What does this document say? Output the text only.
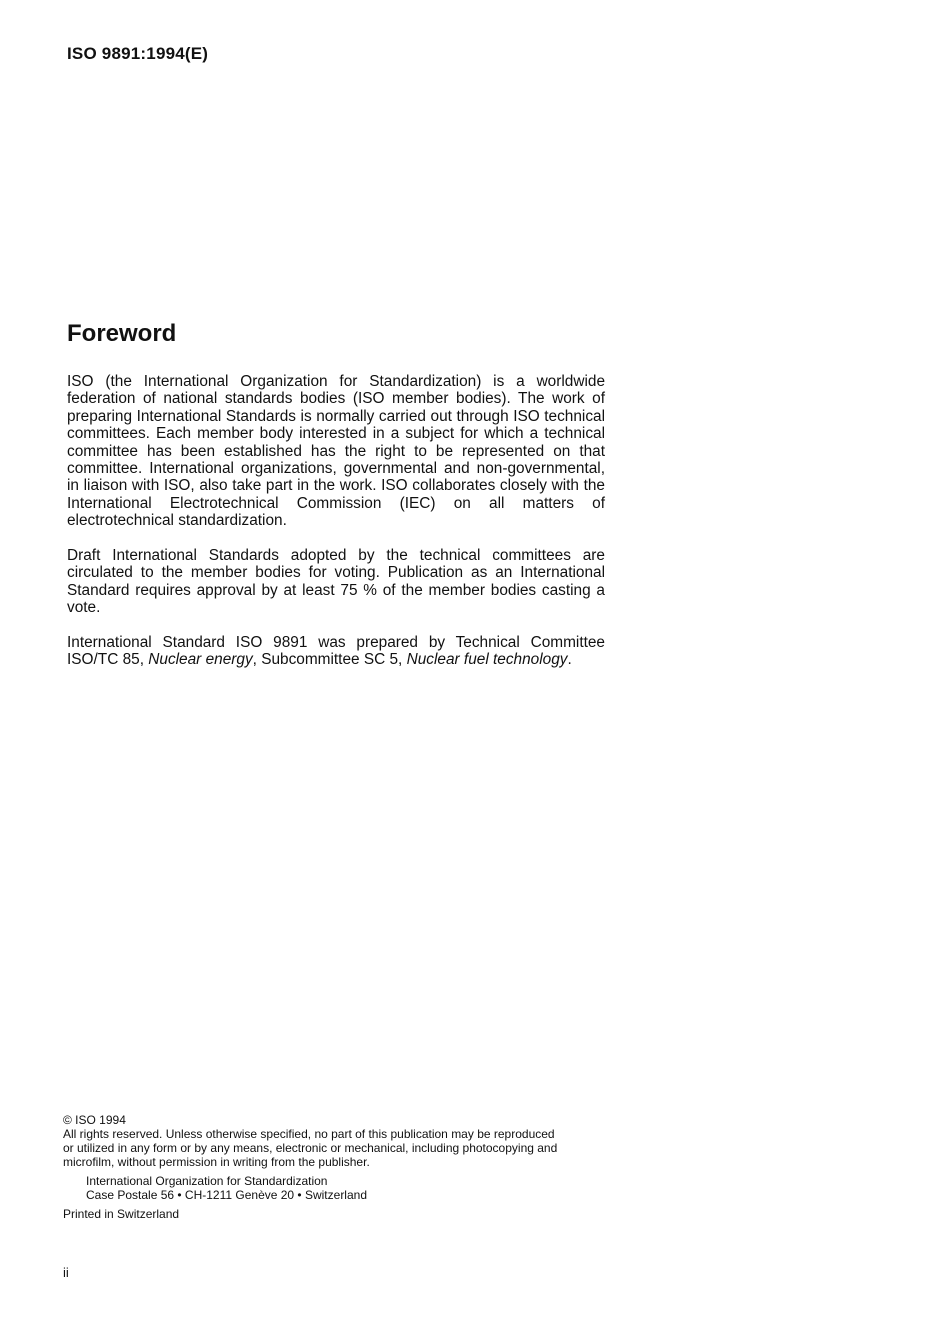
ISO 9891:1994(E)
Foreword

ISO (the International Organization for Standardization) is a worldwide federation of national standards bodies (ISO member bodies). The work of preparing International Standards is normally carried out through ISO technical committees. Each member body interested in a subject for which a technical committee has been established has the right to be represented on that committee. International organizations, governmental and non-governmental, in liaison with ISO, also take part in the work. ISO collaborates closely with the International Electrotechnical Commission (IEC) on all matters of electrotechnical standardization.

Draft International Standards adopted by the technical committees are circulated to the member bodies for voting. Publication as an International Standard requires approval by at least 75 % of the member bodies casting a vote.

International Standard ISO 9891 was prepared by Technical Committee ISO/TC 85, Nuclear energy, Subcommittee SC 5, Nuclear fuel technology.

© ISO 1994
All rights reserved. Unless otherwise specified, no part of this publication may be reproduced
or utilized in any form or by any means, electronic or mechanical, including photocopying and
microfilm, without permission in writing from the publisher.
International Organization for Standardization
Case Postale 56 • CH-1211 Genève 20 • Switzerland
Printed in Switzerland
ii
